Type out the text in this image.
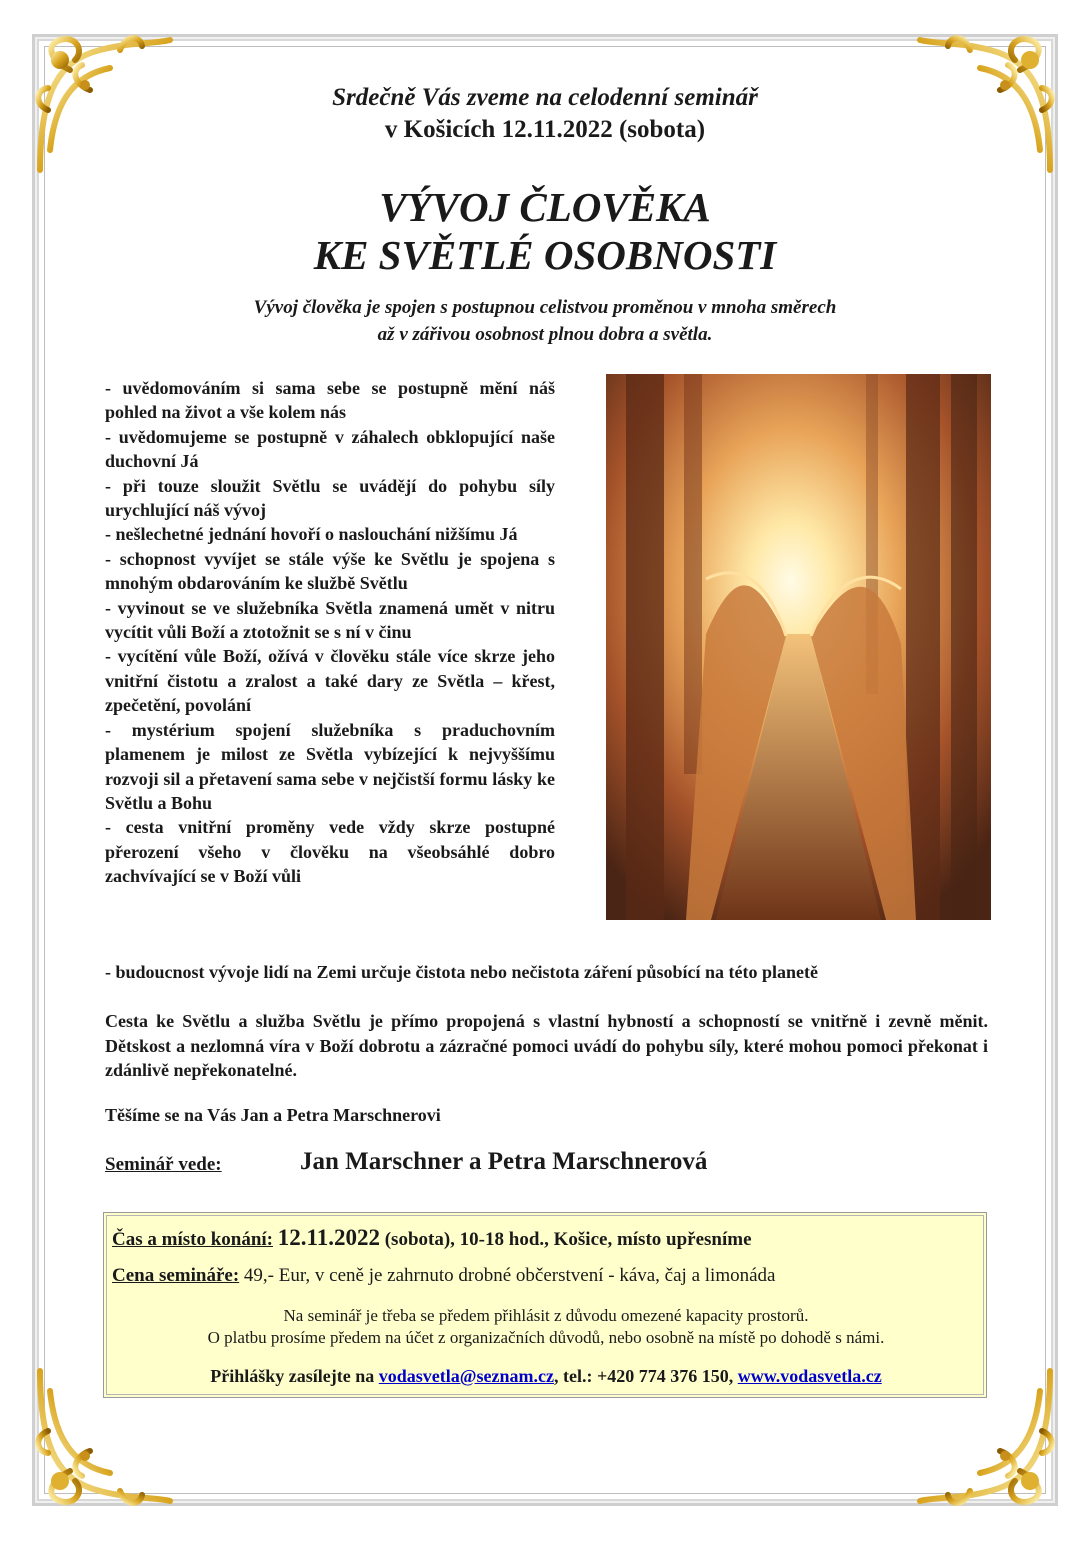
Srdečně Vás zveme na celodenní seminář
v Košicích 12.11.2022 (sobota)
VÝVOJ ČLOVĚKA
KE SVĚTLÉ OSOBNOSTI
Vývoj člověka je spojen s postupnou celistvou proměnou v mnoha směrech
až v zářivou osobnost plnou dobra a světla.
- uvědomováním si sama sebe se postupně mění náš pohled na život a vše kolem nás
- uvědomujeme se postupně v záhalech obklopující naše duchovní Já
- při touze sloužit Světlu se uvádějí do pohybu síly urychlující náš vývoj
- nešlechetné jednání hovoří o naslouchání nižšímu Já
- schopnost vyvíjet se stále výše ke Světlu je spojena s mnohým obdarováním ke službě Světlu
- vyvinout se ve služebníka Světla znamená umět v nitru vycítit vůli Boží a ztotožnit se s ní v činu
- vycítění vůle Boží, ožívá v člověku stále více skrze jeho vnitřní čistotu a zralost a také dary ze Světla – křest, zpečetění, povolání
- mystérium spojení služebníka s praduchovním plamenem je milost ze Světla vybízející k nejvyššímu rozvoji sil a přetavení sama sebe v nejčistší formu lásky ke Světlu a Bohu
- cesta vnitřní proměny vede vždy skrze postupné přerození všeho v člověku na všeobsáhlé dobro zachvívající se v Boží vůli
- budoucnost vývoje lidí na Zemi určuje čistota nebo nečistota záření působící na této planetě
Cesta ke Světlu a služba Světlu je přímo propojená s vlastní hybností a schopností se vnitřně i zevně měnit. Dětskost a nezlomná víra v Boží dobrotu a zázračné pomoci uvádí do pohybu síly, které mohou pomoci překonat i zdánlivě nepřekonatelné.
Těšíme se na Vás Jan a Petra Marschnerovi
Seminář vede:	Jan Marschner a Petra Marschnerová
Čas a místo konání: 12.11.2022 (sobota), 10-18 hod., Košice, místo upřesníme
Cena semináře: 49,- Eur, v ceně je zahrnuto drobné občerstvení - káva, čaj a limonáda
Na seminář je třeba se předem přihlásit z důvodu omezené kapacity prostorů.
O platbu prosíme předem na účet z organizačních důvodů, nebo osobně na místě po dohodě s námi.
Přihlášky zasílejte na vodasvetla@seznam.cz, tel.: +420 774 376 150, www.vodasvetla.cz
